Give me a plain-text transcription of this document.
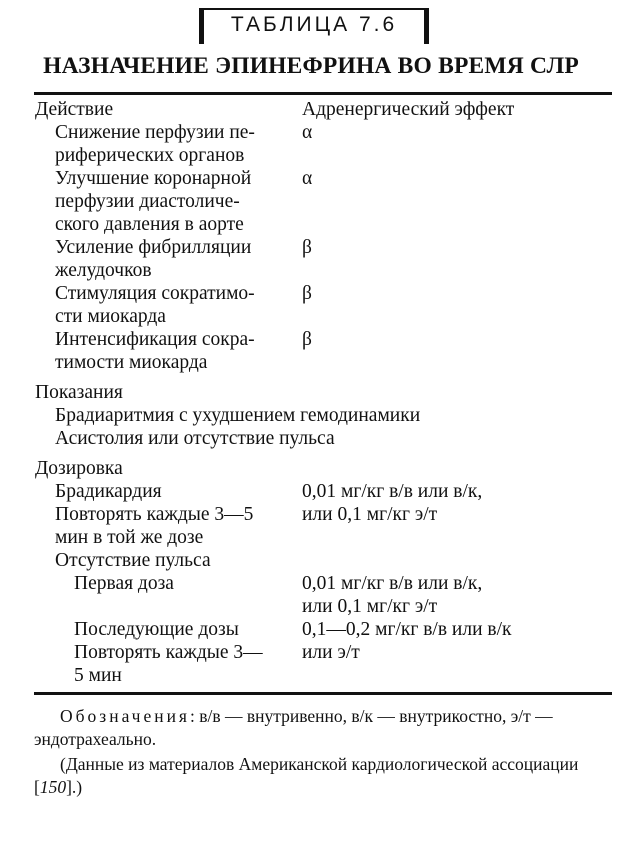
ТАБЛИЦА 7.6
НАЗНАЧЕНИЕ ЭПИНЕФРИНА ВО ВРЕМЯ СЛР
Действие	Адренергический эффект
Снижение перфузии пе-
риферических органов
α
Улучшение коронарной
перфузии диастоличе-
ского давления в аорте
α
Усиление фибрилляции
желудочков
β
Стимуляция сократимо-
сти миокарда
β
Интенсификация сокра-
тимости миокарда
β
Показания
Брадиаритмия с ухудшением гемодинамики
Асистолия или отсутствие пульса
Дозировка
Брадикардия
Повторять каждые 3—5
мин в той же дозе
0,01 мг/кг в/в или в/к,
или 0,1 мг/кг э/т
Отсутствие пульса
Первая доза	0,01 мг/кг в/в или в/к,
или 0,1 мг/кг э/т
Последующие дозы
Повторять каждые 3—
5 мин
0,1—0,2 мг/кг в/в или в/к
или э/т
Обозначения: в/в — внутривенно, в/к — внутрикостно, э/т — эндотрахеально.
(Данные из материалов Американской кардиологической ассоциации [150].)
